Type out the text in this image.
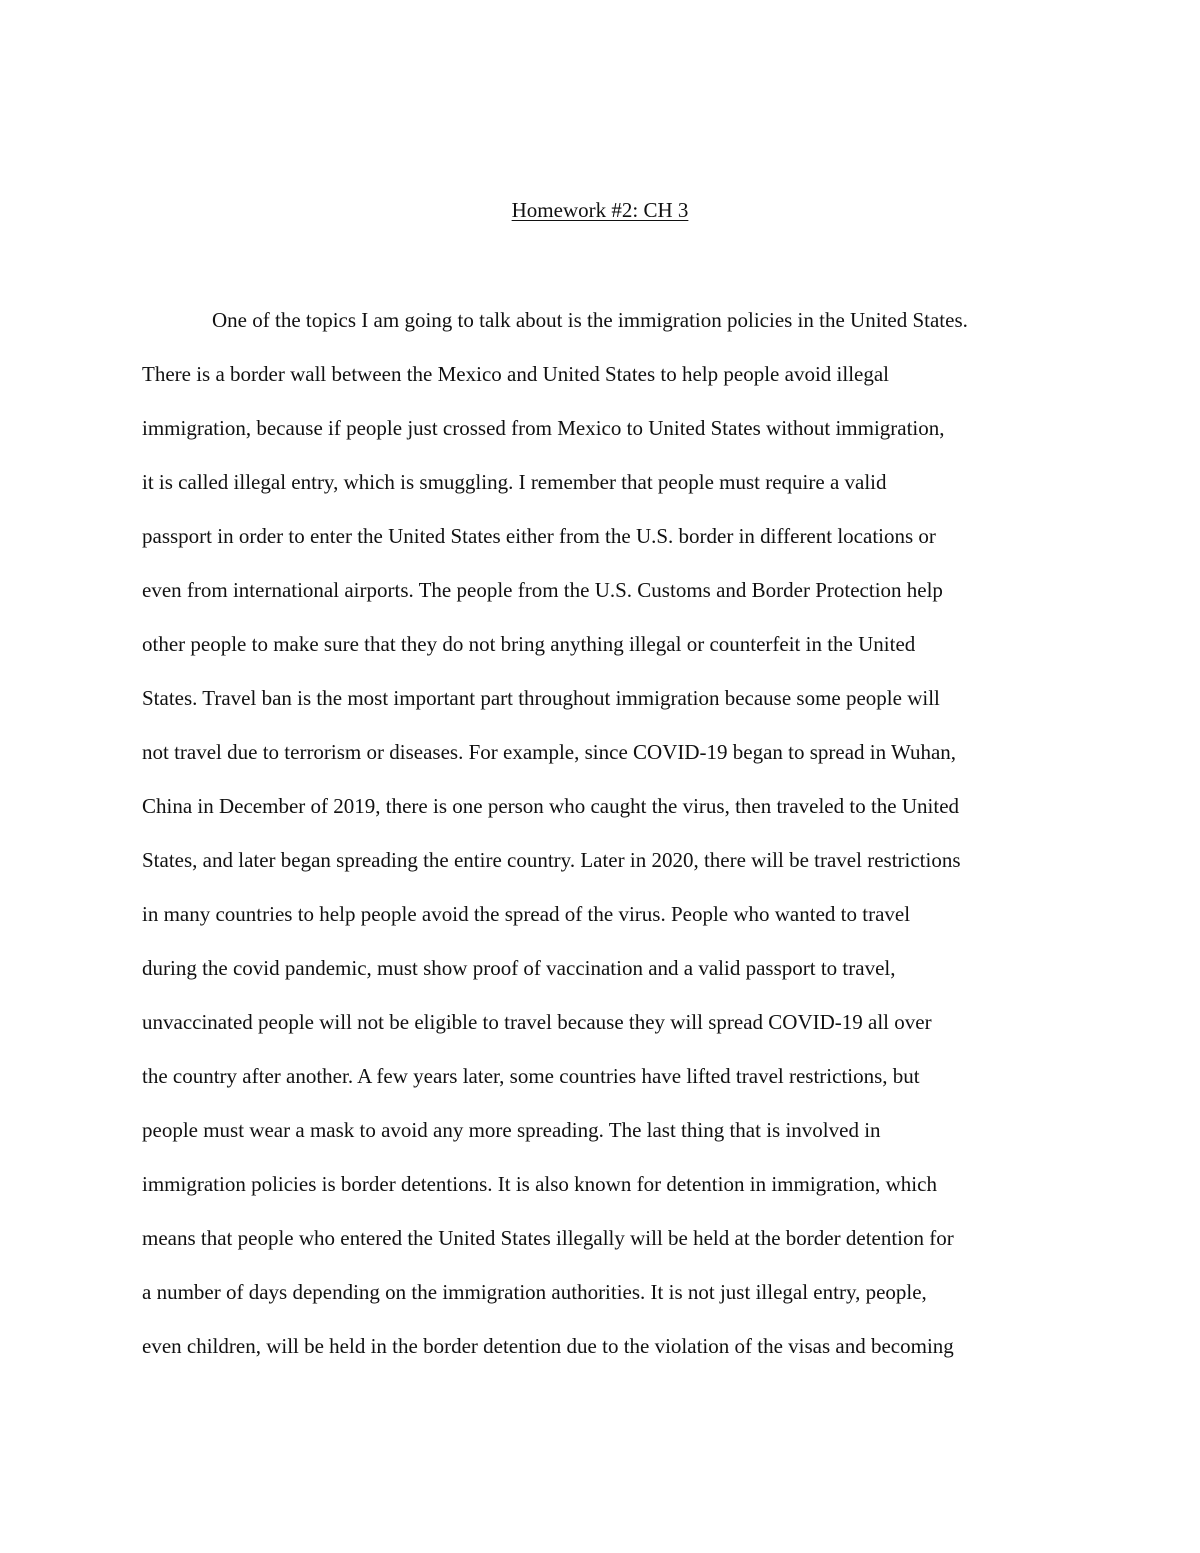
Homework #2: CH 3
One of the topics I am going to talk about is the immigration policies in the United States.
There is a border wall between the Mexico and United States to help people avoid illegal
immigration, because if people just crossed from Mexico to United States without immigration,
it is called illegal entry, which is smuggling. I remember that people must require a valid
passport in order to enter the United States either from the U.S. border in different locations or
even from international airports. The people from the U.S. Customs and Border Protection help
other people to make sure that they do not bring anything illegal or counterfeit in the United
States. Travel ban is the most important part throughout immigration because some people will
not travel due to terrorism or diseases. For example, since COVID-19 began to spread in Wuhan,
China in December of 2019, there is one person who caught the virus, then traveled to the United
States, and later began spreading the entire country. Later in 2020, there will be travel restrictions
in many countries to help people avoid the spread of the virus. People who wanted to travel
during the covid pandemic, must show proof of vaccination and a valid passport to travel,
unvaccinated people will not be eligible to travel because they will spread COVID-19 all over
the country after another. A few years later, some countries have lifted travel restrictions, but
people must wear a mask to avoid any more spreading. The last thing that is involved in
immigration policies is border detentions. It is also known for detention in immigration, which
means that people who entered the United States illegally will be held at the border detention for
a number of days depending on the immigration authorities. It is not just illegal entry, people,
even children, will be held in the border detention due to the violation of the visas and becoming
